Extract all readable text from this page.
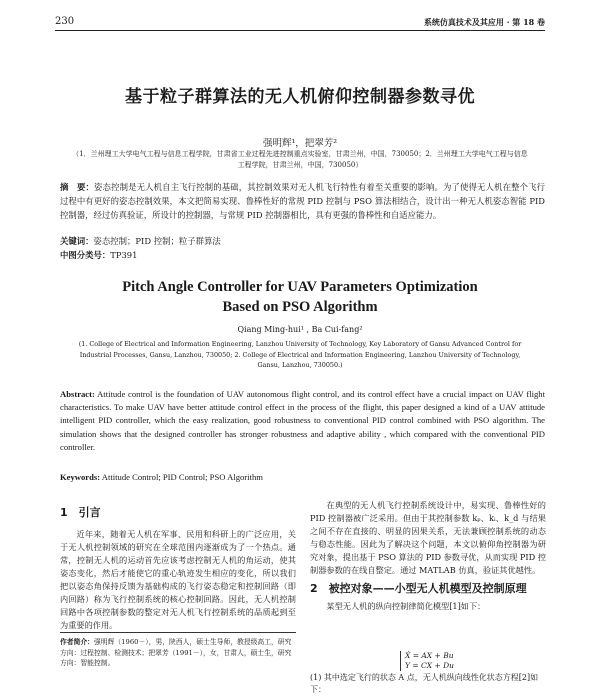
230	系统仿真技术及其应用 · 第 18 卷
基于粒子群算法的无人机俯仰控制器参数寻优
强明辉¹，把翠芳²
（1．兰州理工大学电气工程与信息工程学院，甘肃省工业过程先进控制重点实验室，甘肃兰州，中国，730050；2．兰州理工大学电气工程与信息工程学院，甘肃兰州，中国，730050）
摘　要：姿态控制是无人机自主飞行控制的基础，其控制效果对无人机飞行特性有着至关重要的影响。为了使得无人机在整个飞行过程中有更好的姿态控制效果，本文把简易实现、鲁棒性好的常规 PID 控制与 PSO 算法相结合，设计出一种无人机姿态智能 PID 控制器，经过仿真验证，所设计的控制器，与常规 PID 控制器相比，具有更强的鲁棒性和自适应能力。
关键词：姿态控制；PID 控制；粒子群算法
中图分类号：TP391
Pitch Angle Controller for UAV Parameters Optimization
Based on PSO Algorithm
Qiang Ming-hui¹ , Ba Cui-fang²
(1. College of Electrical and Information Engineering, Lanzhou University of Technology, Key Laboratory of Gansu Advanced Control for Industrial Processes, Gansu, Lanzhou, 730050; 2. College of Electrical and Information Engineering, Lanzhou University of Technology, Gansu, Lanzhou, 730050.)
Abstract: Attitude control is the foundation of UAV autonomous flight control, and its control effect have a crucial impact on UAV flight characteristics. To make UAV have better attitude control effect in the process of the flight, this paper designed a kind of a UAV attitude intelligent PID controller, which the easy realization, good robustness to conventional PID control combined with PSO algorithm. The simulation shows that the designed controller has stronger robustness and adaptive ability , which compared with the conventional PID controller.
Keywords: Attitude Control; PID Control; PSO Algorithm
1　引言

近年来，随着无人机在军事、民用和科研上的广泛应用，关于无人机控制领域的研究在全球范围内逐渐成为了一个热点。通常，控制无人机的运动首先应该考虑控制无人机的角运动，使其姿态变化，然后才能使它的重心轨迹发生相应的变化，所以我们把以姿态角保持反馈为基础构成的飞行姿态稳定和控制回路（即内回路）称为飞行控制系统的核心控制回路。因此，无人机控制回路中各项控制参数的整定对无人机飞行控制系统的品质起到至为重要的作用。

在典型的无人机飞行控制系统设计中，易实现、鲁棒性好的 PID 控制器被广泛采用。但由于其控制参数 kₚ、kᵢ、k_d 与结果之间不存在直接的、明显的因果关系，无法兼顾控制系统的动态与稳态性能。因此为了解决这个问题，本文以俯仰角控制器为研究对象，提出基于 PSO 算法的 PID 参数寻优，从而实现 PID 控制器参数的在线自整定。通过 MATLAB 仿真，验证其优越性。

2　被控对象——小型无人机模型及控制原理

某型无人机的纵向控制律简化模型[1]如下：

Ẋ = AX + Bu
Y = CX + Du
(1) 其中选定飞行的状态 A 点，无人机纵向线性化状态方程[2]如下：
作者简介：强明辉（1960－），男，陕西人，硕士生导师，教授级高工，研究方向：过程控制、检测技术；把翠芳（1991－），女，甘肃人，硕士生，研究方向：智能控制。
